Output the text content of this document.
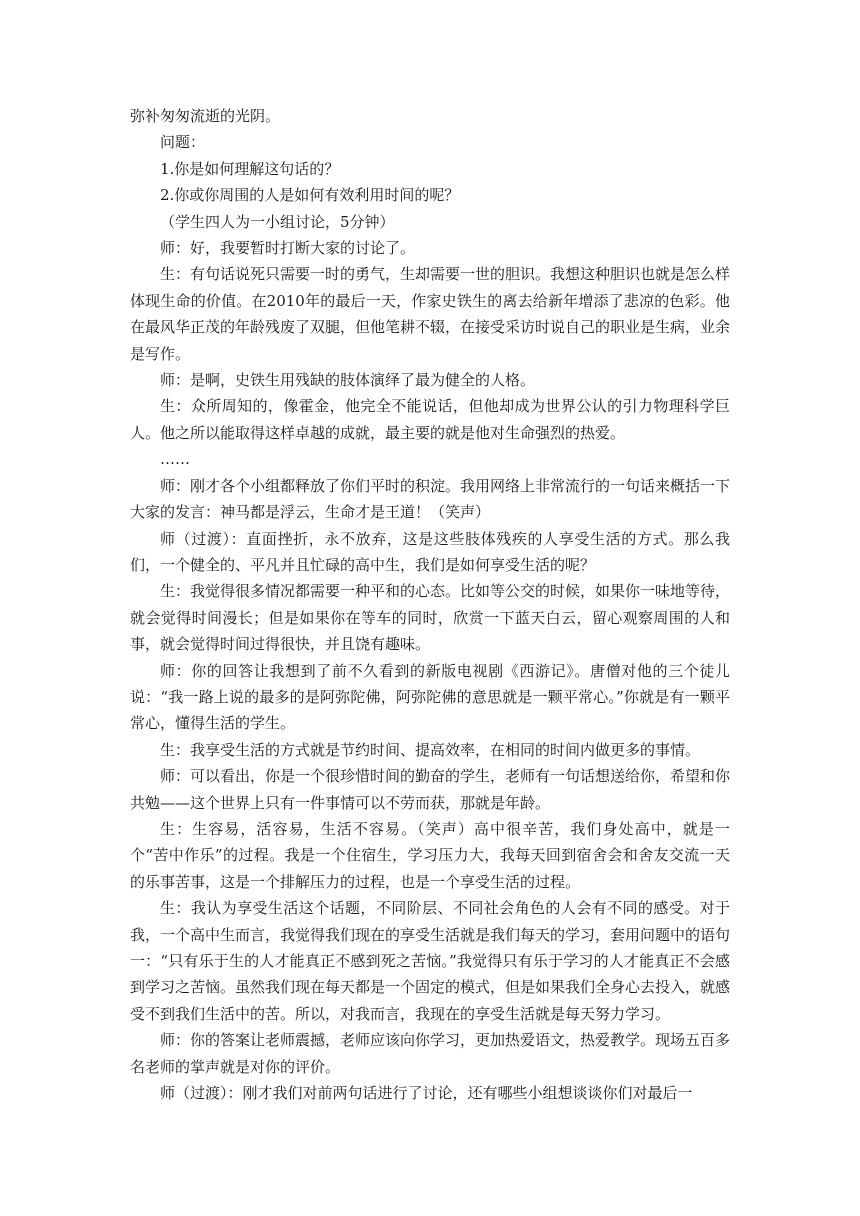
弥补匆匆流逝的光阴。

问题：

1.你是如何理解这句话的？

2.你或你周围的人是如何有效利用时间的呢？

（学生四人为一小组讨论，5分钟）

师：好，我要暂时打断大家的讨论了。

生：有句话说死只需要一时的勇气，生却需要一世的胆识。我想这种胆识也就是怎么样体现生命的价值。在2010年的最后一天，作家史铁生的离去给新年增添了悲凉的色彩。他在最风华正茂的年龄残废了双腿，但他笔耕不辍，在接受采访时说自己的职业是生病，业余是写作。

师：是啊，史铁生用残缺的肢体演绎了最为健全的人格。

生：众所周知的，像霍金，他完全不能说话，但他却成为世界公认的引力物理科学巨人。他之所以能取得这样卓越的成就，最主要的就是他对生命强烈的热爱。

……

师：刚才各个小组都释放了你们平时的积淀。我用网络上非常流行的一句话来概括一下大家的发言：神马都是浮云，生命才是王道！（笑声）

师（过渡）：直面挫折，永不放弃，这是这些肢体残疾的人享受生活的方式。那么我们，一个健全的、平凡并且忙碌的高中生，我们是如何享受生活的呢？

生：我觉得很多情况都需要一种平和的心态。比如等公交的时候，如果你一味地等待，就会觉得时间漫长；但是如果你在等车的同时，欣赏一下蓝天白云，留心观察周围的人和事，就会觉得时间过得很快，并且饶有趣味。

师：你的回答让我想到了前不久看到的新版电视剧《西游记》。唐僧对他的三个徒儿说：“我一路上说的最多的是阿弥陀佛，阿弥陀佛的意思就是一颗平常心。”你就是有一颗平常心，懂得生活的学生。

生：我享受生活的方式就是节约时间、提高效率，在相同的时间内做更多的事情。

师：可以看出，你是一个很珍惜时间的勤奋的学生，老师有一句话想送给你，希望和你共勉——这个世界上只有一件事情可以不劳而获，那就是年龄。

生：生容易，活容易，生活不容易。（笑声）高中很辛苦，我们身处高中，就是一个“苦中作乐”的过程。我是一个住宿生，学习压力大，我每天回到宿舍会和舍友交流一天的乐事苦事，这是一个排解压力的过程，也是一个享受生活的过程。

生：我认为享受生活这个话题，不同阶层、不同社会角色的人会有不同的感受。对于我，一个高中生而言，我觉得我们现在的享受生活就是我们每天的学习，套用问题中的语句一：“只有乐于生的人才能真正不感到死之苦恼。”我觉得只有乐于学习的人才能真正不会感到学习之苦恼。虽然我们现在每天都是一个固定的模式，但是如果我们全身心去投入，就感受不到我们生活中的苦。所以，对我而言，我现在的享受生活就是每天努力学习。

师：你的答案让老师震撼，老师应该向你学习，更加热爱语文，热爱教学。现场五百多名老师的掌声就是对你的评价。

师（过渡）：刚才我们对前两句话进行了讨论，还有哪些小组想谈谈你们对最后一
